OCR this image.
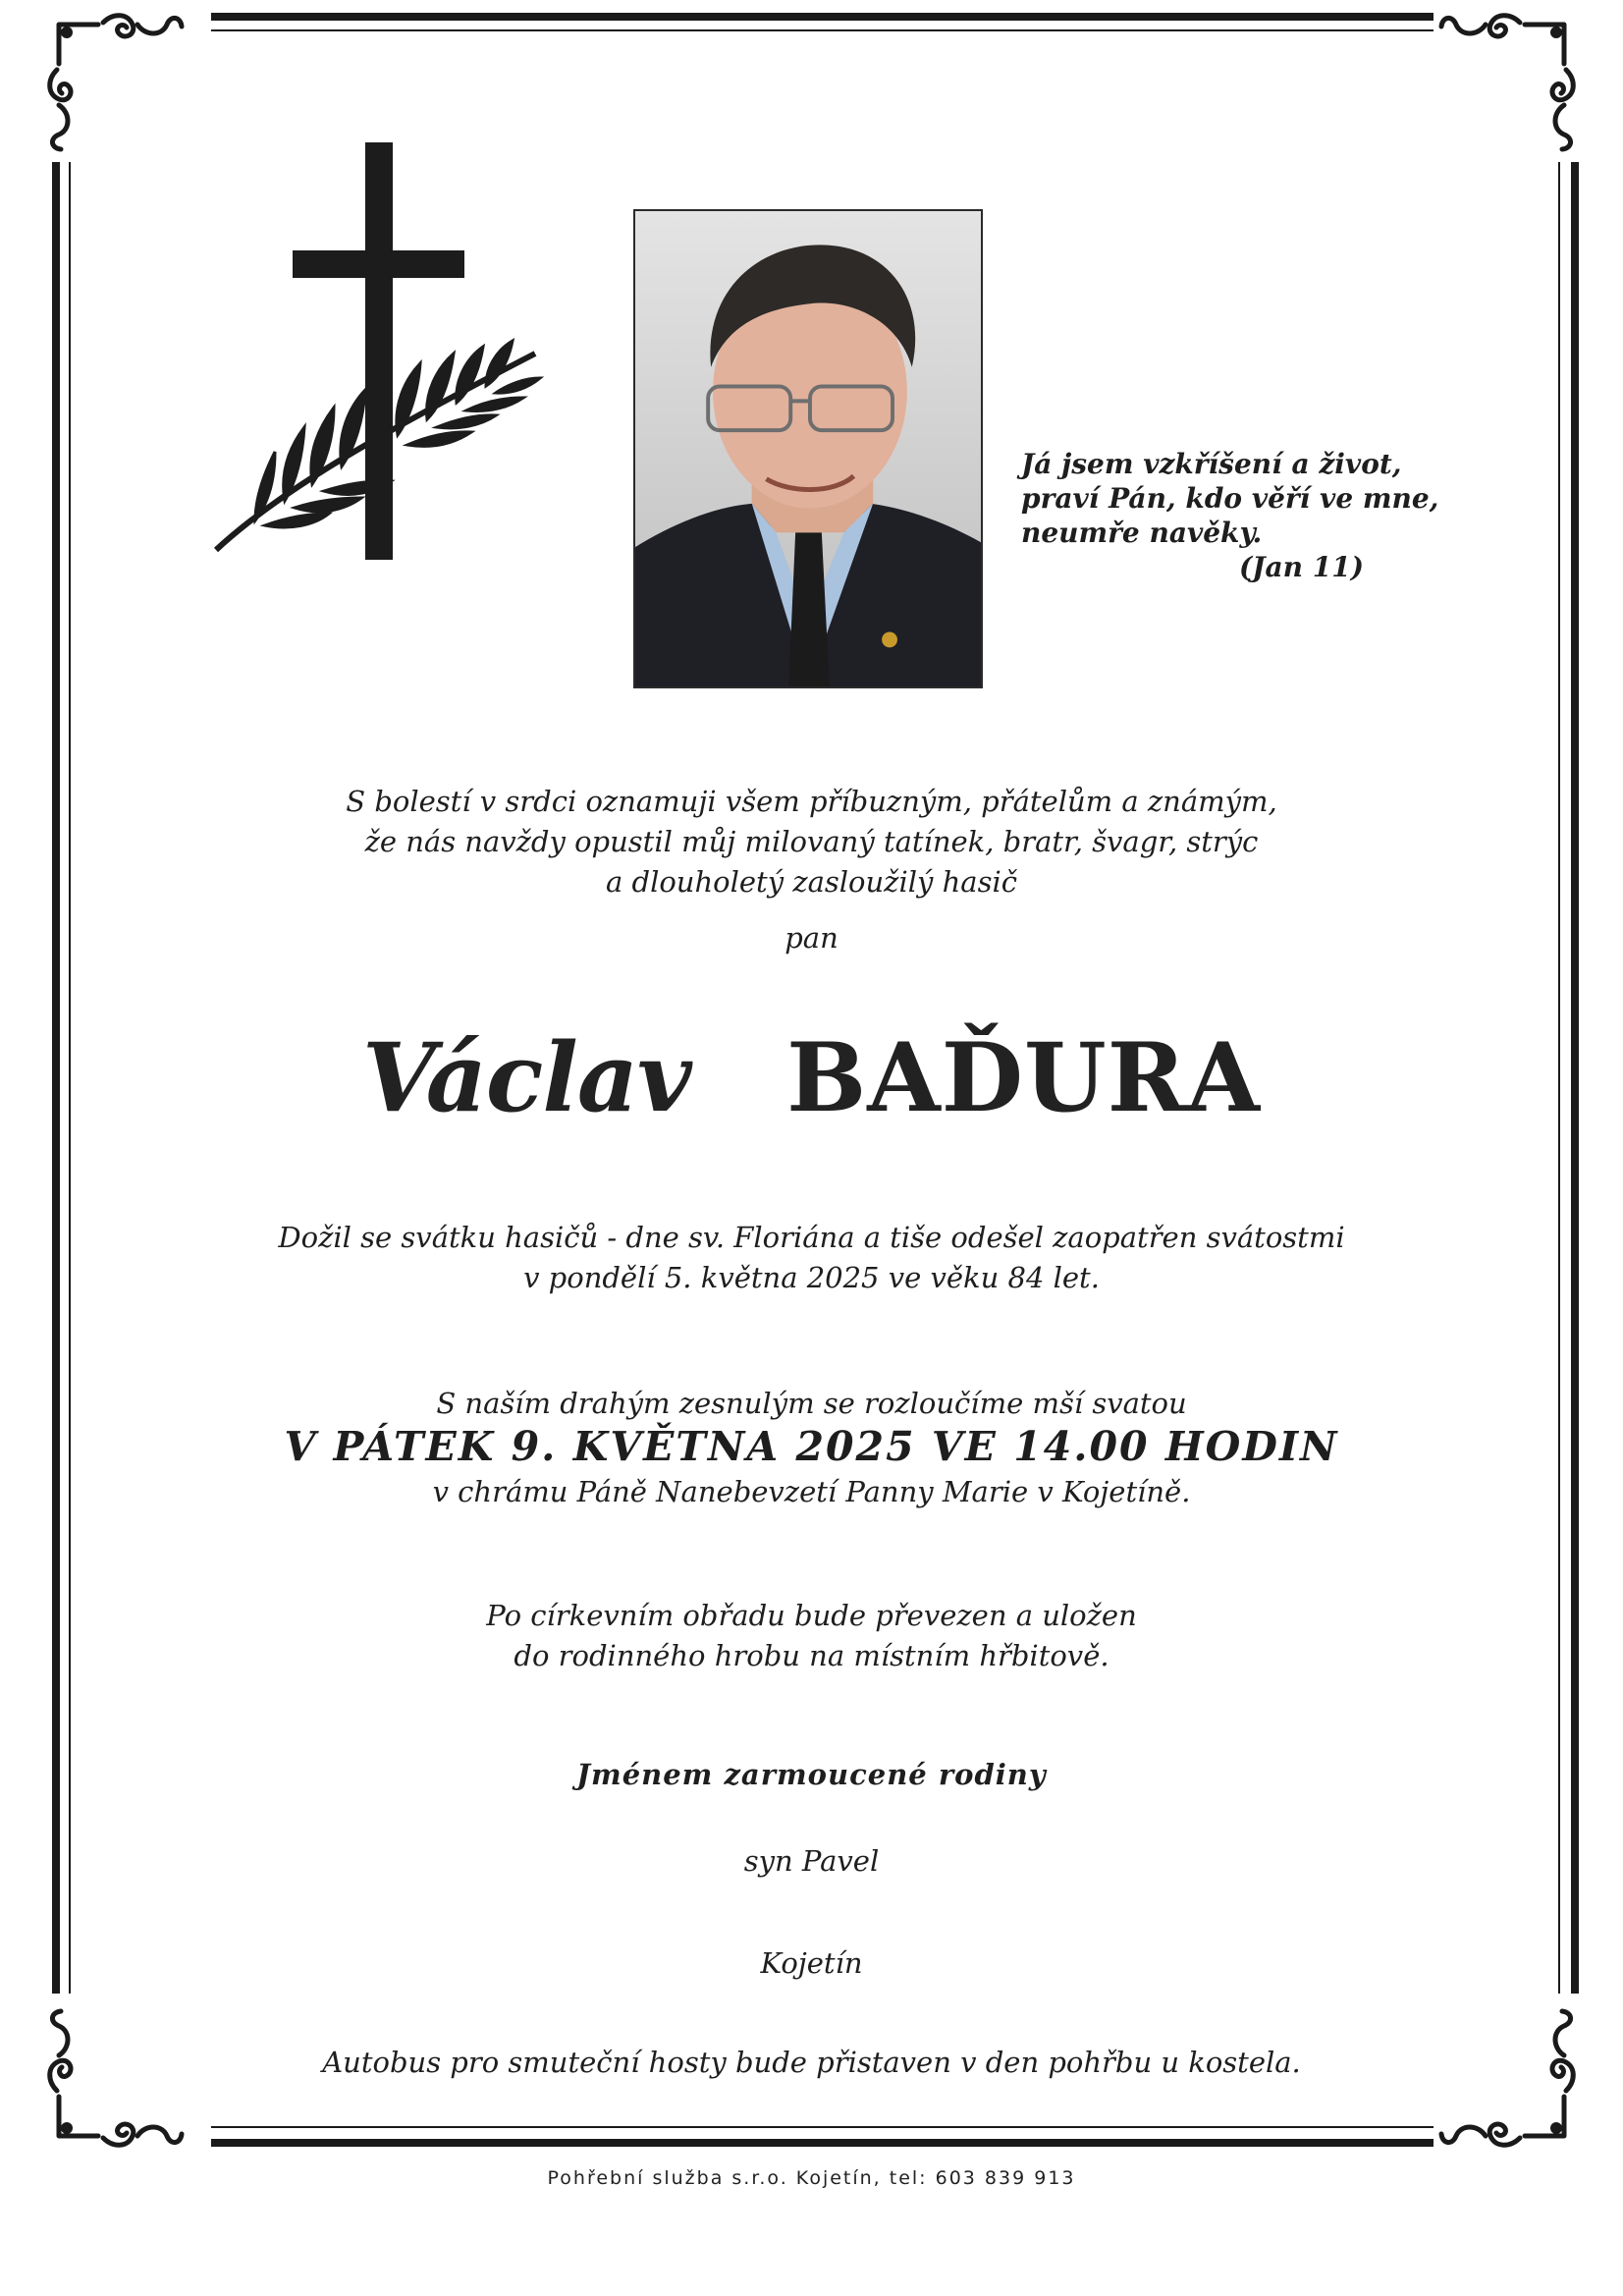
Já jsem vzkříšení a život,
praví Pán, kdo věří ve mne,
neumře navěky.
(Jan 11)
S bolestí v srdci oznamuji všem příbuzným, přátelům a známým,
že nás navždy opustil můj milovaný tatínek, bratr, švagr, strýc
a dlouholetý zasloužilý hasič
pan
Václav BAĎURA
Dožil se svátku hasičů - dne sv. Floriána a tiše odešel zaopatřen svátostmi
v pondělí 5. května 2025 ve věku 84 let.
S naším drahým zesnulým se rozloučíme mší svatou
V PÁTEK 9. KVĚTNA 2025 VE 14.00 HODIN
v chrámu Páně Nanebevzetí Panny Marie v Kojetíně.
Po církevním obřadu bude převezen a uložen
do rodinného hrobu na místním hřbitově.
Jménem zarmoucené rodiny
syn Pavel
Kojetín
Autobus pro smuteční hosty bude přistaven v den pohřbu u kostela.
Pohřební služba s.r.o. Kojetín, tel: 603 839 913
